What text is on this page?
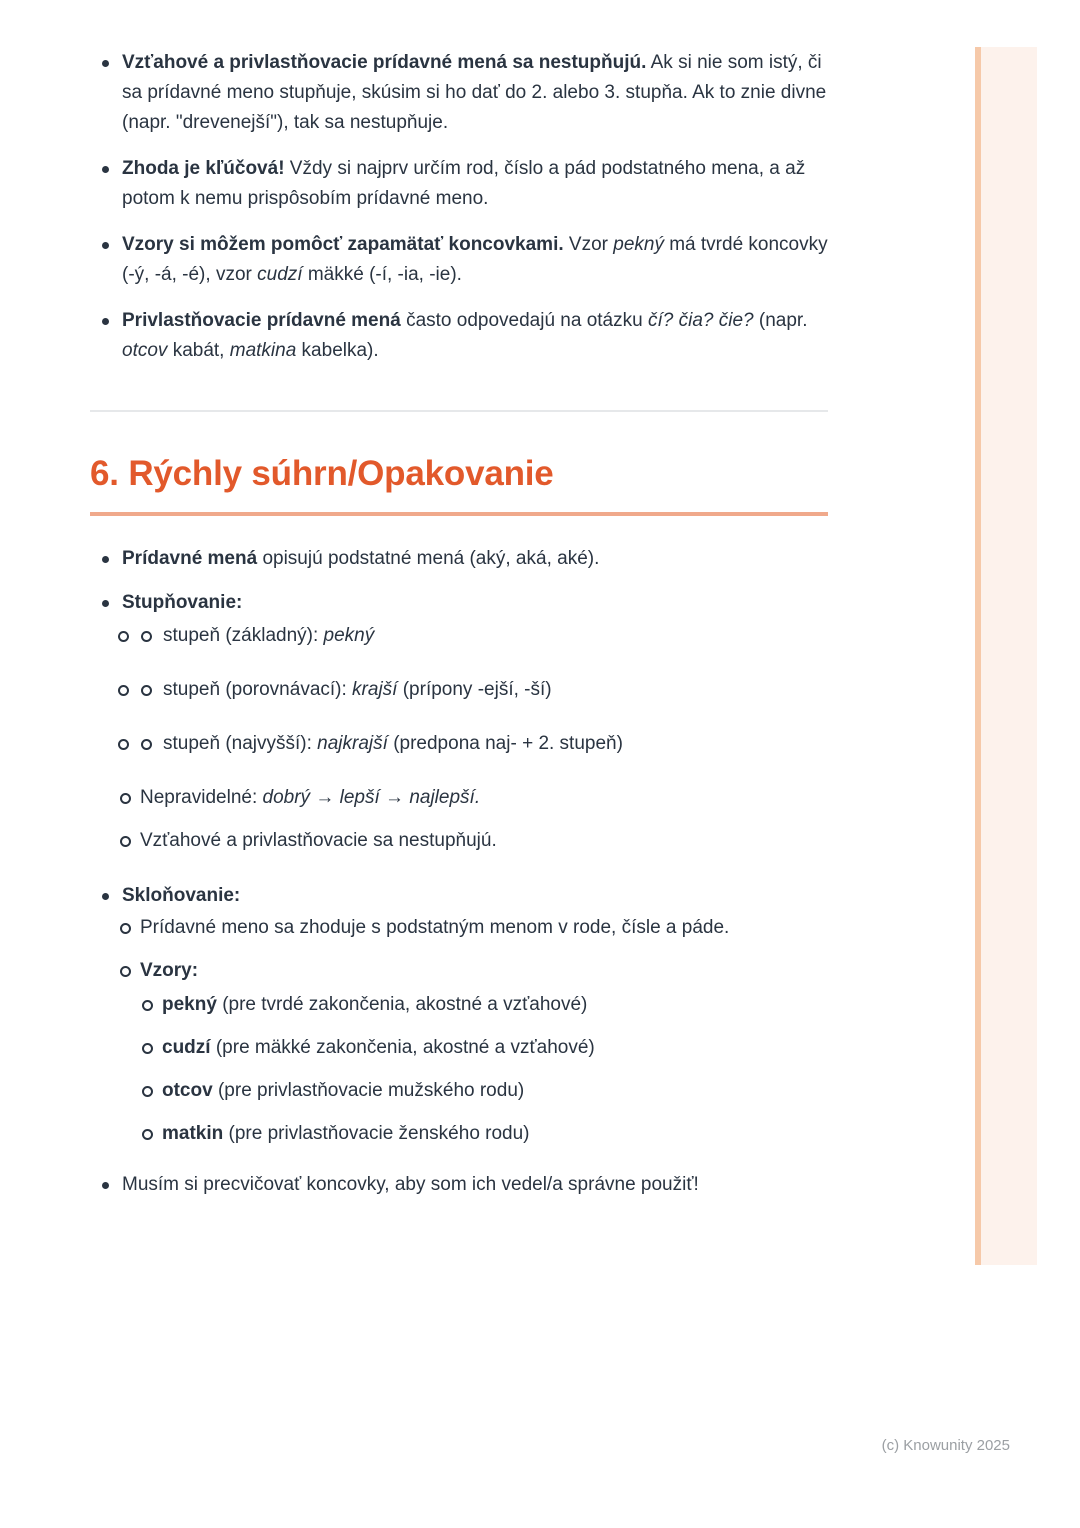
Vzťahové a privlastňovacie prídavné mená sa nestupňujú. Ak si nie som istý, či sa prídavné meno stupňuje, skúsim si ho dať do 2. alebo 3. stupňa. Ak to znie divne (napr. "drevenejší"), tak sa nestupňuje.
Zhoda je kľúčová! Vždy si najprv určím rod, číslo a pád podstatného mena, a až potom k nemu prispôsobím prídavné meno.
Vzory si môžem pomôcť zapamätať koncovkami. Vzor pekný má tvrdé koncovky (-ý, -á, -é), vzor cudzí mäkké (-í, -ia, -ie).
Privlastňovacie prídavné mená často odpovedajú na otázku čí? čia? čie? (napr. otcov kabát, matkina kabelka).
6. Rýchly súhrn/Opakovanie
Prídavné mená opisujú podstatné mená (aký, aká, aké).
Stupňovanie:
stupeň (základný): pekný
stupeň (porovnávací): krajší (prípony -ejší, -ší)
stupeň (najvyšší): najkrajší (predpona naj- + 2. stupeň)
Nepravidelné: dobrý → lepší → najlepší.
Vzťahové a privlastňovacie sa nestupňujú.
Skloňovanie:
Prídavné meno sa zhoduje s podstatným menom v rode, čísle a páde.
Vzory:
pekný (pre tvrdé zakončenia, akostné a vzťahové)
cudzí (pre mäkké zakončenia, akostné a vzťahové)
otcov (pre privlastňovacie mužského rodu)
matkin (pre privlastňovacie ženského rodu)
Musím si precvičovať koncovky, aby som ich vedel/a správne použiť!
(c) Knowunity 2025
